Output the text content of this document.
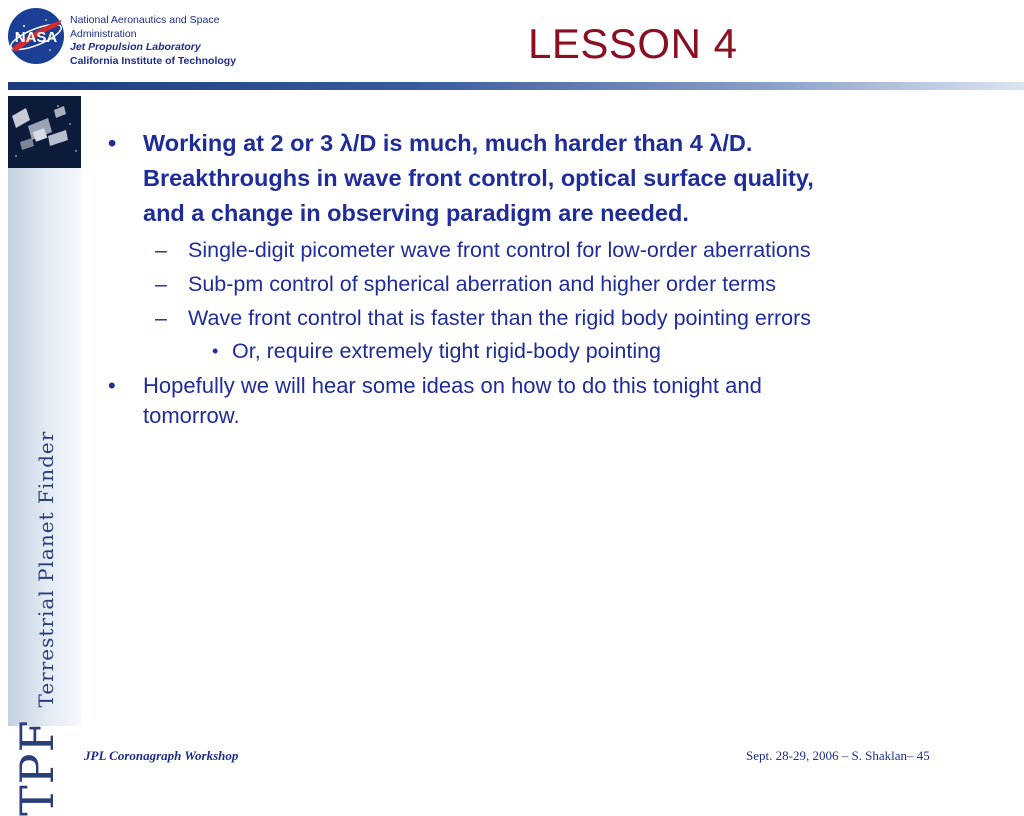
NASA
National Aeronautics and Space
Administration
Jet Propulsion Laboratory
California Institute of Technology	LESSON 4
TPFTerrestrial Planet Finder
• Working at 2 or 3 λ/D is much, much harder than 4 λ/D.
Breakthroughs in wave front control, optical surface quality,
and a change in observing paradigm are needed.
– Single-digit picometer wave front control for low-order aberrations
– Sub-pm control of spherical aberration and higher order terms
– Wave front control that is faster than the rigid body pointing errors
• Or, require extremely tight rigid-body pointing
• Hopefully we will hear some ideas on how to do this tonight and
tomorrow.
JPL Coronagraph Workshop	Sept. 28-29, 2006 – S. Shaklan– 45
